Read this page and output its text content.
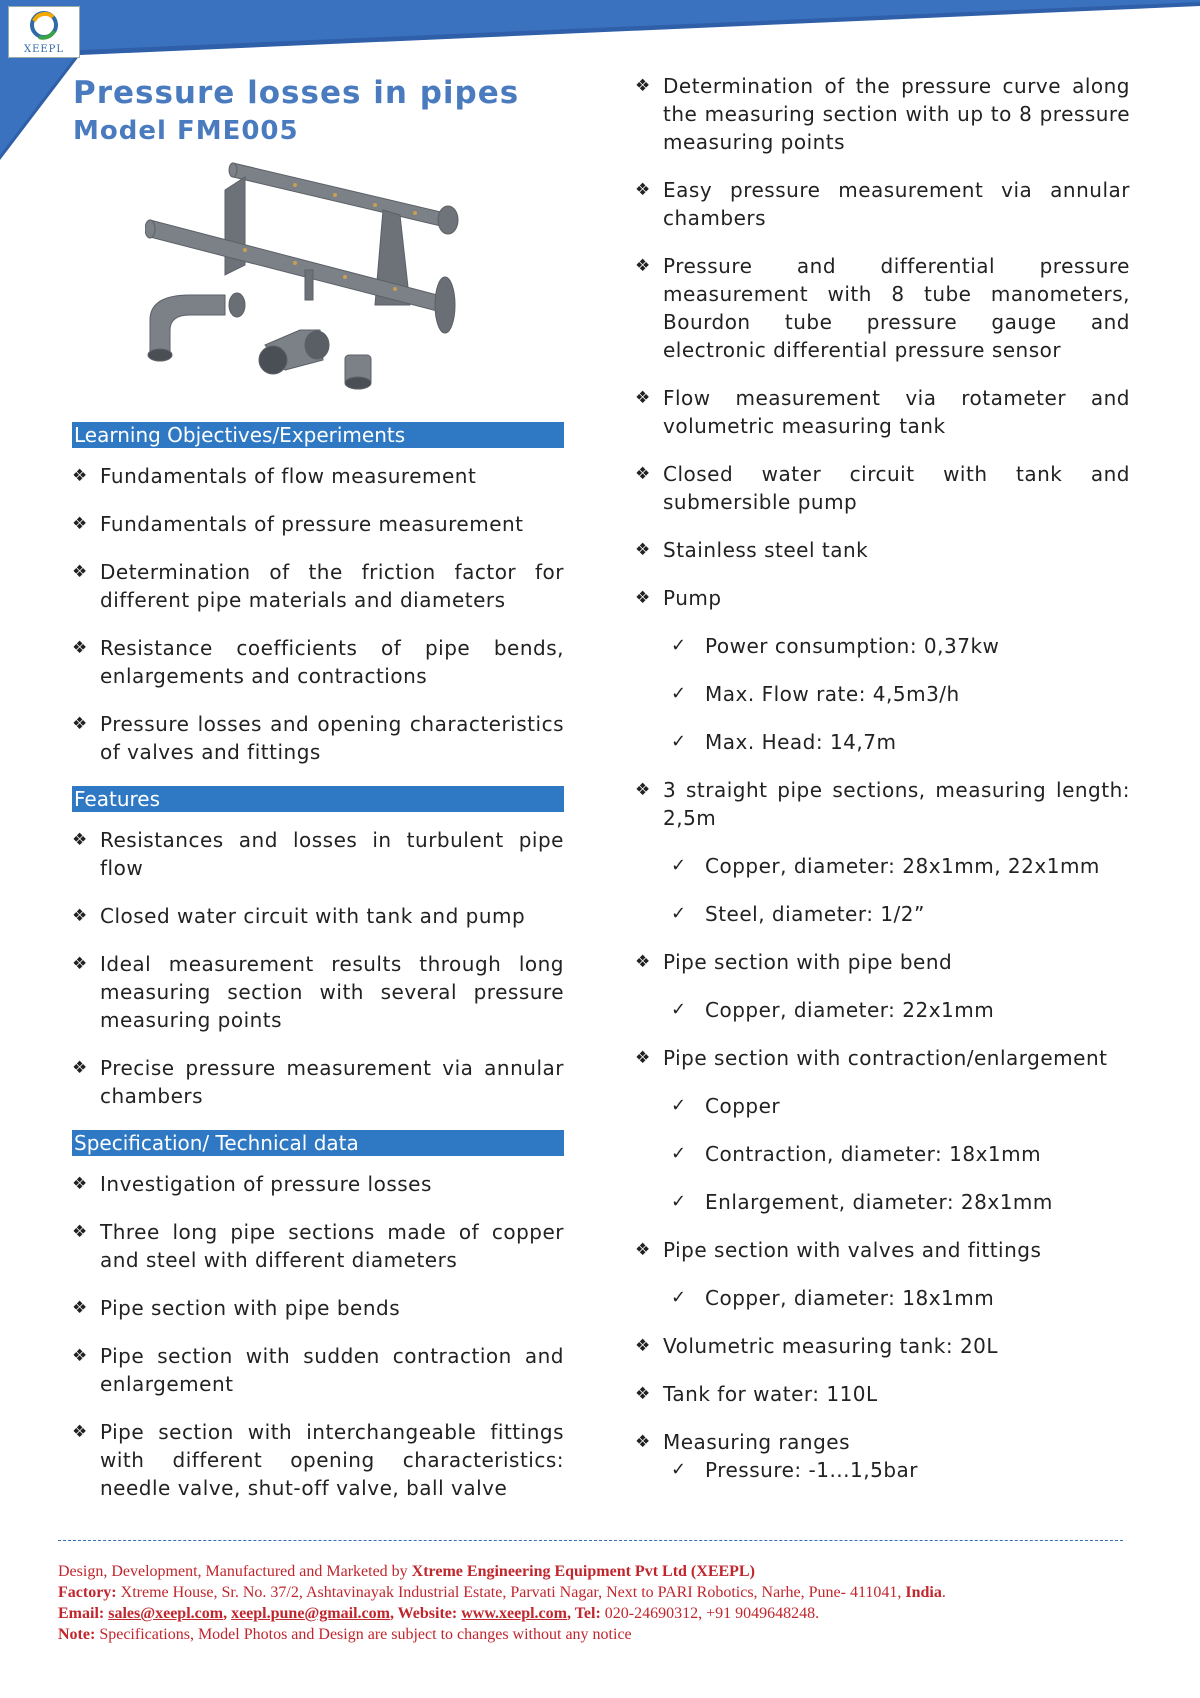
XEEPL
Pressure losses in pipes
Model FME005
Learning Objectives/Experiments
❖ Fundamentals of flow measurement
❖ Fundamentals of pressure measurement
❖ Determination of the friction factor for different pipe materials and diameters
❖ Resistance coefficients of pipe bends, enlargements and contractions
❖ Pressure losses and opening characteristics of valves and fittings
Features
❖ Resistances and losses in turbulent pipe flow
❖ Closed water circuit with tank and pump
❖ Ideal measurement results through long measuring section with several pressure measuring points
❖ Precise pressure measurement via annular chambers
Specification/ Technical data
❖ Investigation of pressure losses
❖ Three long pipe sections made of copper and steel with different diameters
❖ Pipe section with pipe bends
❖ Pipe section with sudden contraction and enlargement
❖ Pipe section with interchangeable fittings with different opening characteristics: needle valve, shut-off valve, ball valve
❖ Determination of the pressure curve along the measuring section with up to 8 pressure measuring points
❖ Easy pressure measurement via annular chambers
❖ Pressure and differential pressure measurement with 8 tube manometers, Bourdon tube pressure gauge and electronic differential pressure sensor
❖ Flow measurement via rotameter and volumetric measuring tank
❖ Closed water circuit with tank and submersible pump
❖ Stainless steel tank
❖ Pump
✓ Power consumption: 0,37kw
✓ Max. Flow rate: 4,5m3/h
✓ Max. Head: 14,7m
❖ 3 straight pipe sections, measuring length: 2,5m
✓ Copper, diameter: 28x1mm, 22x1mm
✓ Steel, diameter: 1/2”
❖ Pipe section with pipe bend
✓ Copper, diameter: 22x1mm
❖ Pipe section with contraction/enlargement
✓ Copper
✓ Contraction, diameter: 18x1mm
✓ Enlargement, diameter: 28x1mm
❖ Pipe section with valves and fittings
✓ Copper, diameter: 18x1mm
❖ Volumetric measuring tank: 20L
❖ Tank for water: 110L
❖ Measuring ranges
✓ Pressure: -1...1,5bar
Design, Development, Manufactured and Marketed by Xtreme Engineering Equipment Pvt Ltd (XEEPL)
Factory: Xtreme House, Sr. No. 37/2, Ashtavinayak Industrial Estate, Parvati Nagar, Next to PARI Robotics, Narhe, Pune- 411041, India.
Email: sales@xeepl.com, xeepl.pune@gmail.com, Website: www.xeepl.com, Tel: 020-24690312, +91 9049648248.
Note: Specifications, Model Photos and Design are subject to changes without any notice
